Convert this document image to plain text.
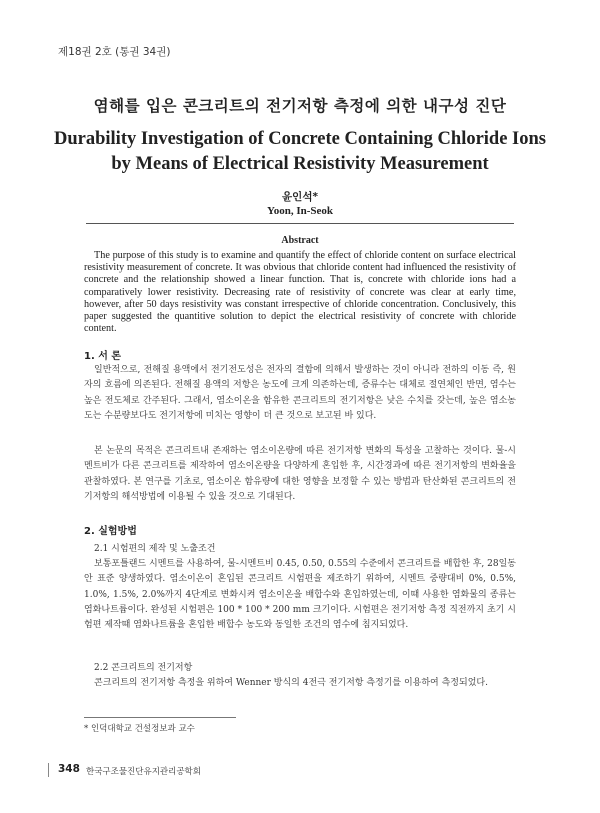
제18권 2호 (통권 34권)
염해를 입은 콘크리트의 전기저항 측정에 의한 내구성 진단
Durability Investigation of Concrete Containing Chloride Ions
by Means of Electrical Resistivity Measurement
윤인석*
Yoon, In-Seok
Abstract
The purpose of this study is to examine and quantify the effect of chloride content on surface electrical resistivity measurement of concrete. It was obvious that chloride content had influenced the resistivity of concrete and the relationship showed a linear function. That is, concrete with chloride ions had a comparatively lower resistivity. Decreasing rate of resistivity of concrete was clear at early time, however, after 50 days resistivity was constant irrespective of chloride concentration. Conclusively, this paper suggested the quantitive solution to depict the electrical resistivity of concrete with chloride content.
1. 서 론
일반적으로, 전해질 용액에서 전기전도성은 전자의 결함에 의해서 발생하는 것이 아니라 전하의 이동 즉, 원자의 흐름에 의존된다. 전해질 용액의 저항은 농도에 크게 의존하는데, 증류수는 대체로 절연체인 반면, 염수는 높은 전도체로 간주된다. 그래서, 염소이온을 함유한 콘크리트의 전기저항은 낮은 수치를 갖는데, 높은 염소농도는 수분량보다도 전기저항에 미치는 영향이 더 큰 것으로 보고된 바 있다.
본 논문의 목적은 콘크리트내 존재하는 염소이온량에 따른 전기저항 변화의 특성을 고찰하는 것이다. 물-시멘트비가 다른 콘크리트를 제작하여 염소이온량을 다양하게 혼입한 후, 시간경과에 따른 전기저항의 변화율을 관찰하였다. 본 연구를 기초로, 염소이온 함유량에 대한 영향을 보정할 수 있는 방법과 탄산화된 콘크리트의 전기저항의 해석방법에 이용될 수 있을 것으로 기대된다.
2. 실험방법
2.1 시험편의 제작 및 노출조건
보통포틀랜드 시멘트를 사용하여, 물-시멘트비 0.45, 0.50, 0.55의 수준에서 콘크리트를 배합한 후, 28일동안 표준 양생하였다. 염소이온이 혼입된 콘크리트 시험편을 제조하기 위하여, 시멘트 중량대비 0%, 0.5%, 1.0%, 1.5%, 2.0%까지 4단계로 변화시켜 염소이온을 배합수와 혼입하였는데, 이때 사용한 염화물의 종류는 염화나트륨이다. 완성된 시험편은 100 * 100 * 200 mm 크기이다. 시험편은 전기저항 측정 직전까지 초기 시험편 제작때 염화나트륨을 혼입한 배합수 농도와 동일한 조건의 염수에 침지되었다.
2.2 콘크리트의 전기저항
콘크리트의 전기저항 측정을 위하여 Wenner 방식의 4전극 전기저항 측정기를 이용하여 측정되었다.
* 인덕대학교 건설정보과 교수
348 한국구조물진단유지관리공학회
